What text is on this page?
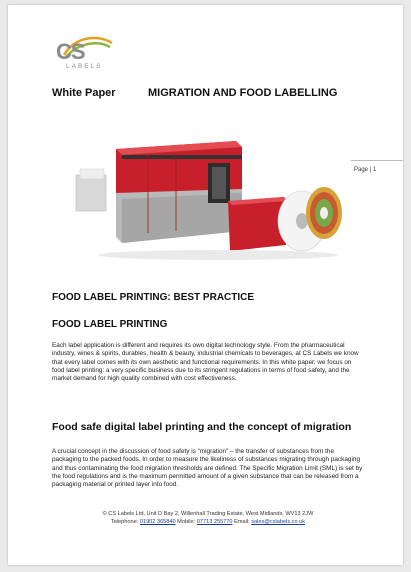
CS
LABELS
White Paper	MIGRATION AND FOOD LABELLING
Page | 1
FOOD LABEL PRINTING: BEST PRACTICE
FOOD LABEL PRINTING
Each label application is different and requires its own digital technology style. From the pharmaceutical industry, wines & spirits, durables, health & beauty, industrial chemicals to beverages, at CS Labels we know that every label comes with its own aesthetic and functional requirements. In this white paper, we focus on food label printing: a very specific business due to its stringent regulations in terms of food safety, and the market demand for high quality combined with cost effectiveness.
Food safe digital label printing and the concept of migration
A crucial concept in the discussion of food safety is “migration” – the transfer of substances from the packaging to the packed foods. In order to measure the likeliness of substances migrating through packaging and thus contaminating the food migration thresholds are defined. The Specific Migration Limit (SML) is set by the food regulations and is the maximum permitted amount of a given substance that can be released from a packaging material or printed layer into food.
© CS Labels Ltd, Unit D Bay 2, Willenhall Trading Estate, West Midlands, WV13 2JW
Telephone: 01902 365840 Mobile: 07713 255770 Email: sales@cslabels.co.uk
